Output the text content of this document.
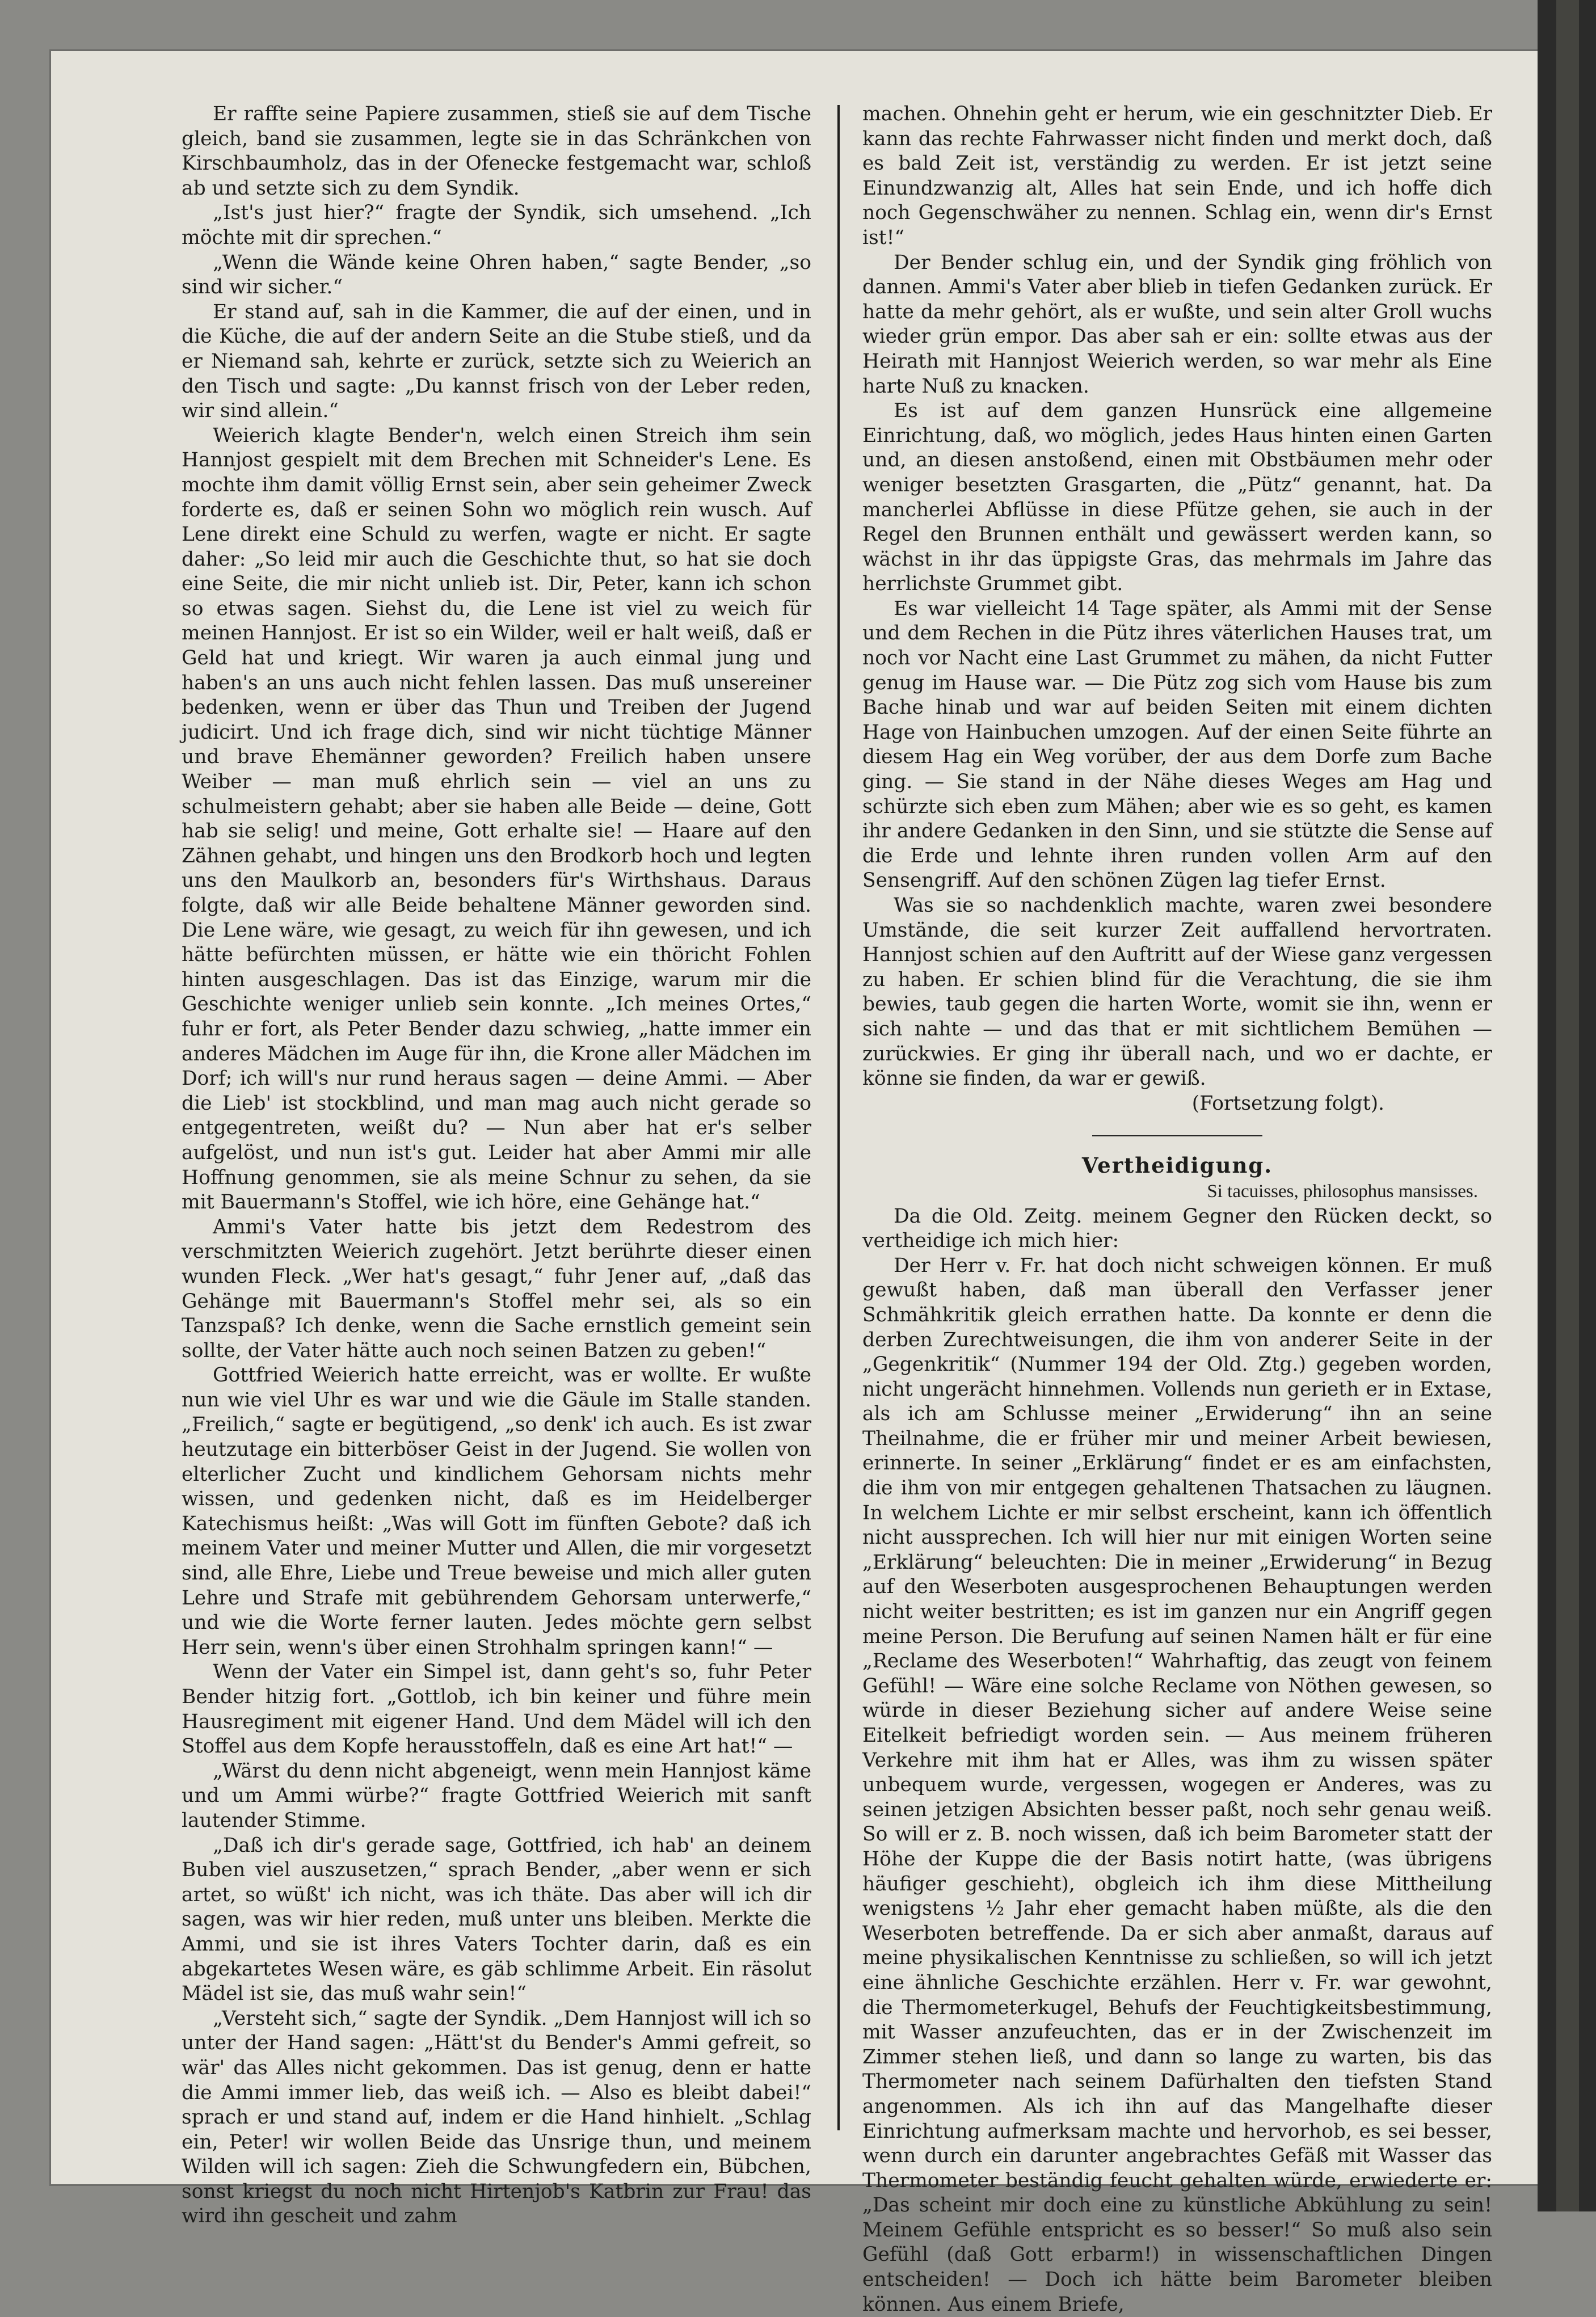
Er raffte seine Papiere zusammen, stieß sie auf dem Tische gleich, band sie zusammen, legte sie in das Schränkchen von Kirschbaumholz, das in der Ofenecke festgemacht war, schloß ab und setzte sich zu dem Syndik.

„Ist's just hier?“ fragte der Syndik, sich umsehend. „Ich möchte mit dir sprechen.“

„Wenn die Wände keine Ohren haben,“ sagte Bender, „so sind wir sicher.“

Er stand auf, sah in die Kammer, die auf der einen, und in die Küche, die auf der andern Seite an die Stube stieß, und da er Niemand sah, kehrte er zurück, setzte sich zu Weierich an den Tisch und sagte: „Du kannst frisch von der Leber reden, wir sind allein.“

Weierich klagte Bender'n, welch einen Streich ihm sein Hannjost gespielt mit dem Brechen mit Schneider's Lene. Es mochte ihm damit völlig Ernst sein, aber sein geheimer Zweck forderte es, daß er seinen Sohn wo möglich rein wusch. Auf Lene direkt eine Schuld zu werfen, wagte er nicht. Er sagte daher: „So leid mir auch die Geschichte thut, so hat sie doch eine Seite, die mir nicht unlieb ist. Dir, Peter, kann ich schon so etwas sagen. Siehst du, die Lene ist viel zu weich für meinen Hannjost. Er ist so ein Wilder, weil er halt weiß, daß er Geld hat und kriegt. Wir waren ja auch einmal jung und haben's an uns auch nicht fehlen lassen. Das muß unsereiner bedenken, wenn er über das Thun und Treiben der Jugend judicirt. Und ich frage dich, sind wir nicht tüchtige Männer und brave Ehemänner geworden? Freilich haben unsere Weiber — man muß ehrlich sein — viel an uns zu schulmeistern gehabt; aber sie haben alle Beide — deine, Gott hab sie selig! und meine, Gott erhalte sie! — Haare auf den Zähnen gehabt, und hingen uns den Brodkorb hoch und legten uns den Maulkorb an, besonders für's Wirthshaus. Daraus folgte, daß wir alle Beide behaltene Männer geworden sind. Die Lene wäre, wie gesagt, zu weich für ihn gewesen, und ich hätte befürchten müssen, er hätte wie ein thöricht Fohlen hinten ausgeschlagen. Das ist das Einzige, warum mir die Geschichte weniger unlieb sein konnte. „Ich meines Ortes,“ fuhr er fort, als Peter Bender dazu schwieg, „hatte immer ein anderes Mädchen im Auge für ihn, die Krone aller Mädchen im Dorf; ich will's nur rund heraus sagen — deine Ammi. — Aber die Lieb' ist stockblind, und man mag auch nicht gerade so entgegentreten, weißt du? — Nun aber hat er's selber aufgelöst, und nun ist's gut. Leider hat aber Ammi mir alle Hoffnung genommen, sie als meine Schnur zu sehen, da sie mit Bauermann's Stoffel, wie ich höre, eine Gehänge hat.“

Ammi's Vater hatte bis jetzt dem Redestrom des verschmitzten Weierich zugehört. Jetzt berührte dieser einen wunden Fleck. „Wer hat's gesagt,“ fuhr Jener auf, „daß das Gehänge mit Bauermann's Stoffel mehr sei, als so ein Tanzspaß? Ich denke, wenn die Sache ernstlich gemeint sein sollte, der Vater hätte auch noch seinen Batzen zu geben!“

Gottfried Weierich hatte erreicht, was er wollte. Er wußte nun wie viel Uhr es war und wie die Gäule im Stalle standen. „Freilich,“ sagte er begütigend, „so denk' ich auch. Es ist zwar heutzutage ein bitterböser Geist in der Jugend. Sie wollen von elterlicher Zucht und kindlichem Gehorsam nichts mehr wissen, und gedenken nicht, daß es im Heidelberger Katechismus heißt: „Was will Gott im fünften Gebote? daß ich meinem Vater und meiner Mutter und Allen, die mir vorgesetzt sind, alle Ehre, Liebe und Treue beweise und mich aller guten Lehre und Strafe mit gebührendem Gehorsam unterwerfe,“ und wie die Worte ferner lauten. Jedes möchte gern selbst Herr sein, wenn's über einen Strohhalm springen kann!“ —

Wenn der Vater ein Simpel ist, dann geht's so, fuhr Peter Bender hitzig fort. „Gottlob, ich bin keiner und führe mein Hausregiment mit eigener Hand. Und dem Mädel will ich den Stoffel aus dem Kopfe herausstoffeln, daß es eine Art hat!“ —

„Wärst du denn nicht abgeneigt, wenn mein Hannjost käme und um Ammi würbe?“ fragte Gottfried Weierich mit sanft lautender Stimme.

„Daß ich dir's gerade sage, Gottfried, ich hab' an deinem Buben viel auszusetzen,“ sprach Bender, „aber wenn er sich artet, so wüßt' ich nicht, was ich thäte. Das aber will ich dir sagen, was wir hier reden, muß unter uns bleiben. Merkte die Ammi, und sie ist ihres Vaters Tochter darin, daß es ein abgekartetes Wesen wäre, es gäb schlimme Arbeit. Ein räsolut Mädel ist sie, das muß wahr sein!“

„Versteht sich,“ sagte der Syndik. „Dem Hannjost will ich so unter der Hand sagen: „Hätt'st du Bender's Ammi gefreit, so wär' das Alles nicht gekommen. Das ist genug, denn er hatte die Ammi immer lieb, das weiß ich. — Also es bleibt dabei!“ sprach er und stand auf, indem er die Hand hinhielt. „Schlag ein, Peter! wir wollen Beide das Unsrige thun, und meinem Wilden will ich sagen: Zieh die Schwungfedern ein, Bübchen, sonst kriegst du noch nicht Hirtenjob's Katbrin zur Frau! das wird ihn gescheit und zahm

machen. Ohnehin geht er herum, wie ein geschnitzter Dieb. Er kann das rechte Fahrwasser nicht finden und merkt doch, daß es bald Zeit ist, verständig zu werden. Er ist jetzt seine Einundzwanzig alt, Alles hat sein Ende, und ich hoffe dich noch Gegenschwäher zu nennen. Schlag ein, wenn dir's Ernst ist!“

Der Bender schlug ein, und der Syndik ging fröhlich von dannen. Ammi's Vater aber blieb in tiefen Gedanken zurück. Er hatte da mehr gehört, als er wußte, und sein alter Groll wuchs wieder grün empor. Das aber sah er ein: sollte etwas aus der Heirath mit Hannjost Weierich werden, so war mehr als Eine harte Nuß zu knacken.

Es ist auf dem ganzen Hunsrück eine allgemeine Einrichtung, daß, wo möglich, jedes Haus hinten einen Garten und, an diesen anstoßend, einen mit Obstbäumen mehr oder weniger besetzten Grasgarten, die „Pütz“ genannt, hat. Da mancherlei Abflüsse in diese Pfütze gehen, sie auch in der Regel den Brunnen enthält und gewässert werden kann, so wächst in ihr das üppigste Gras, das mehrmals im Jahre das herrlichste Grummet gibt.

Es war vielleicht 14 Tage später, als Ammi mit der Sense und dem Rechen in die Pütz ihres väterlichen Hauses trat, um noch vor Nacht eine Last Grummet zu mähen, da nicht Futter genug im Hause war. — Die Pütz zog sich vom Hause bis zum Bache hinab und war auf beiden Seiten mit einem dichten Hage von Hainbuchen umzogen. Auf der einen Seite führte an diesem Hag ein Weg vorüber, der aus dem Dorfe zum Bache ging. — Sie stand in der Nähe dieses Weges am Hag und schürzte sich eben zum Mähen; aber wie es so geht, es kamen ihr andere Gedanken in den Sinn, und sie stützte die Sense auf die Erde und lehnte ihren runden vollen Arm auf den Sensengriff. Auf den schönen Zügen lag tiefer Ernst.

Was sie so nachdenklich machte, waren zwei besondere Umstände, die seit kurzer Zeit auffallend hervortraten. Hannjost schien auf den Auftritt auf der Wiese ganz vergessen zu haben. Er schien blind für die Verachtung, die sie ihm bewies, taub gegen die harten Worte, womit sie ihn, wenn er sich nahte — und das that er mit sichtlichem Bemühen — zurückwies. Er ging ihr überall nach, und wo er dachte, er könne sie finden, da war er gewiß.

(Fortsetzung folgt).
Vertheidigung.
Si tacuisses, philosophus mansisses.

Da die Old. Zeitg. meinem Gegner den Rücken deckt, so vertheidige ich mich hier:

Der Herr v. Fr. hat doch nicht schweigen können. Er muß gewußt haben, daß man überall den Verfasser jener Schmähkritik gleich errathen hatte. Da konnte er denn die derben Zurechtweisungen, die ihm von anderer Seite in der „Gegenkritik“ (Nummer 194 der Old. Ztg.) gegeben worden, nicht ungerächt hinnehmen. Vollends nun gerieth er in Extase, als ich am Schlusse meiner „Erwiderung“ ihn an seine Theilnahme, die er früher mir und meiner Arbeit bewiesen, erinnerte. In seiner „Erklärung“ findet er es am einfachsten, die ihm von mir entgegen gehaltenen Thatsachen zu läugnen. In welchem Lichte er mir selbst erscheint, kann ich öffentlich nicht aussprechen. Ich will hier nur mit einigen Worten seine „Erklärung“ beleuchten: Die in meiner „Erwiderung“ in Bezug auf den Weserboten ausgesprochenen Behauptungen werden nicht weiter bestritten; es ist im ganzen nur ein Angriff gegen meine Person. Die Berufung auf seinen Namen hält er für eine „Reclame des Weserboten!“ Wahrhaftig, das zeugt von feinem Gefühl! — Wäre eine solche Reclame von Nöthen gewesen, so würde in dieser Beziehung sicher auf andere Weise seine Eitelkeit befriedigt worden sein. — Aus meinem früheren Verkehre mit ihm hat er Alles, was ihm zu wissen später unbequem wurde, vergessen, wogegen er Anderes, was zu seinen jetzigen Absichten besser paßt, noch sehr genau weiß. So will er z. B. noch wissen, daß ich beim Barometer statt der Höhe der Kuppe die der Basis notirt hatte, (was übrigens häufiger geschieht), obgleich ich ihm diese Mittheilung wenigstens ½ Jahr eher gemacht haben müßte, als die den Weserboten betreffende. Da er sich aber anmaßt, daraus auf meine physikalischen Kenntnisse zu schließen, so will ich jetzt eine ähnliche Geschichte erzählen. Herr v. Fr. war gewohnt, die Thermometerkugel, Behufs der Feuchtigkeitsbestimmung, mit Wasser anzufeuchten, das er in der Zwischenzeit im Zimmer stehen ließ, und dann so lange zu warten, bis das Thermometer nach seinem Dafürhalten den tiefsten Stand angenommen. Als ich ihn auf das Mangelhafte dieser Einrichtung aufmerksam machte und hervorhob, es sei besser, wenn durch ein darunter angebrachtes Gefäß mit Wasser das Thermometer beständig feucht gehalten würde, erwiederte er: „Das scheint mir doch eine zu künstliche Abkühlung zu sein! Meinem Gefühle entspricht es so besser!“ So muß also sein Gefühl (daß Gott erbarm!) in wissenschaftlichen Dingen entscheiden! — Doch ich hätte beim Barometer bleiben können. Aus einem Briefe,
